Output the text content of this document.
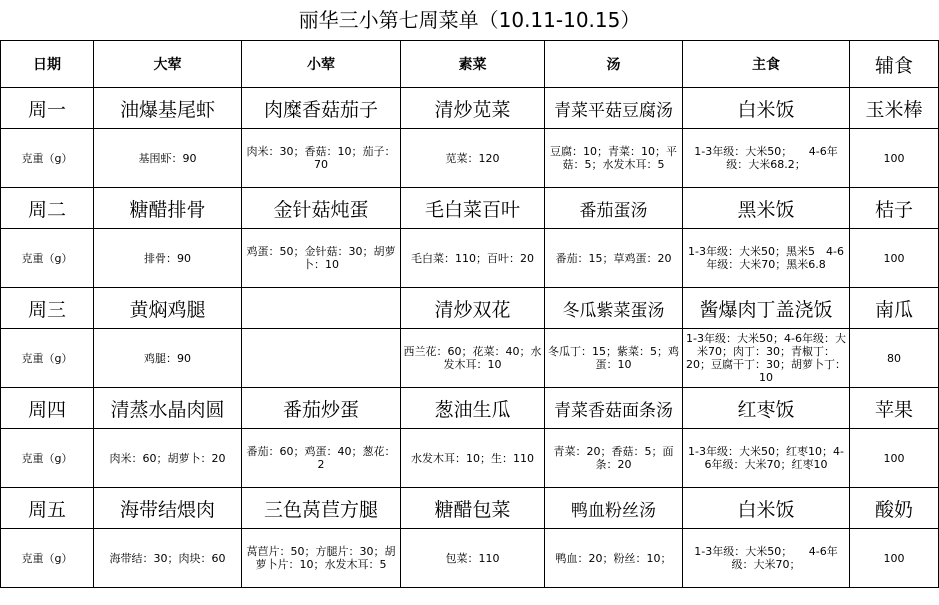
丽华三小第七周菜单（10.11-10.15）
日期	大荤	小荤	素菜	汤	主食	辅食
周一	油爆基尾虾	肉糜香菇茄子	清炒苋菜	青菜平菇豆腐汤	白米饭	玉米棒
克重（g）	基围虾：90	肉米：30；香菇：10；茄子：70	苋菜：120	豆腐：10；青菜：10；平菇：5；水发木耳：5	1-3年级：大米50；　　4-6年级：大米68.2；	100
周二	糖醋排骨	金针菇炖蛋	毛白菜百叶	番茄蛋汤	黑米饭	桔子
克重（g）	排骨：90	鸡蛋：50；金针菇：30；胡萝卜：10	毛白菜：110；百叶：20	番茄：15；草鸡蛋：20	1-3年级：大米50；黑米5　4-6年级：大米70；黑米6.8	100
周三	黄焖鸡腿		清炒双花	冬瓜紫菜蛋汤	酱爆肉丁盖浇饭	南瓜
克重（g）	鸡腿：90		西兰花：60；花菜：40；水发木耳：10	冬瓜丁：15；紫菜：5；鸡蛋：10	1-3年级：大米50；4-6年级：大米70；肉丁：30；青椒丁：20；豆腐干丁：30；胡萝卜丁：10	80
周四	清蒸水晶肉圆	番茄炒蛋	葱油生瓜	青菜香菇面条汤	红枣饭	苹果
克重（g）	肉米：60；胡萝卜：20	番茄：60；鸡蛋：40；葱花：2	水发木耳：10；生：110	青菜：20；香菇：5；面条：20	1-3年级：大米50；红枣10；4-6年级：大米70；红枣10	100
周五	海带结煨肉	三色莴苣方腿	糖醋包菜	鸭血粉丝汤	白米饭	酸奶
克重（g）	海带结：30；肉块：60	莴苣片：50；方腿片：30；胡萝卜片：10；水发木耳：5	包菜：110	鸭血：20；粉丝：10；	1-3年级：大米50；　　4-6年级：大米70；	100
